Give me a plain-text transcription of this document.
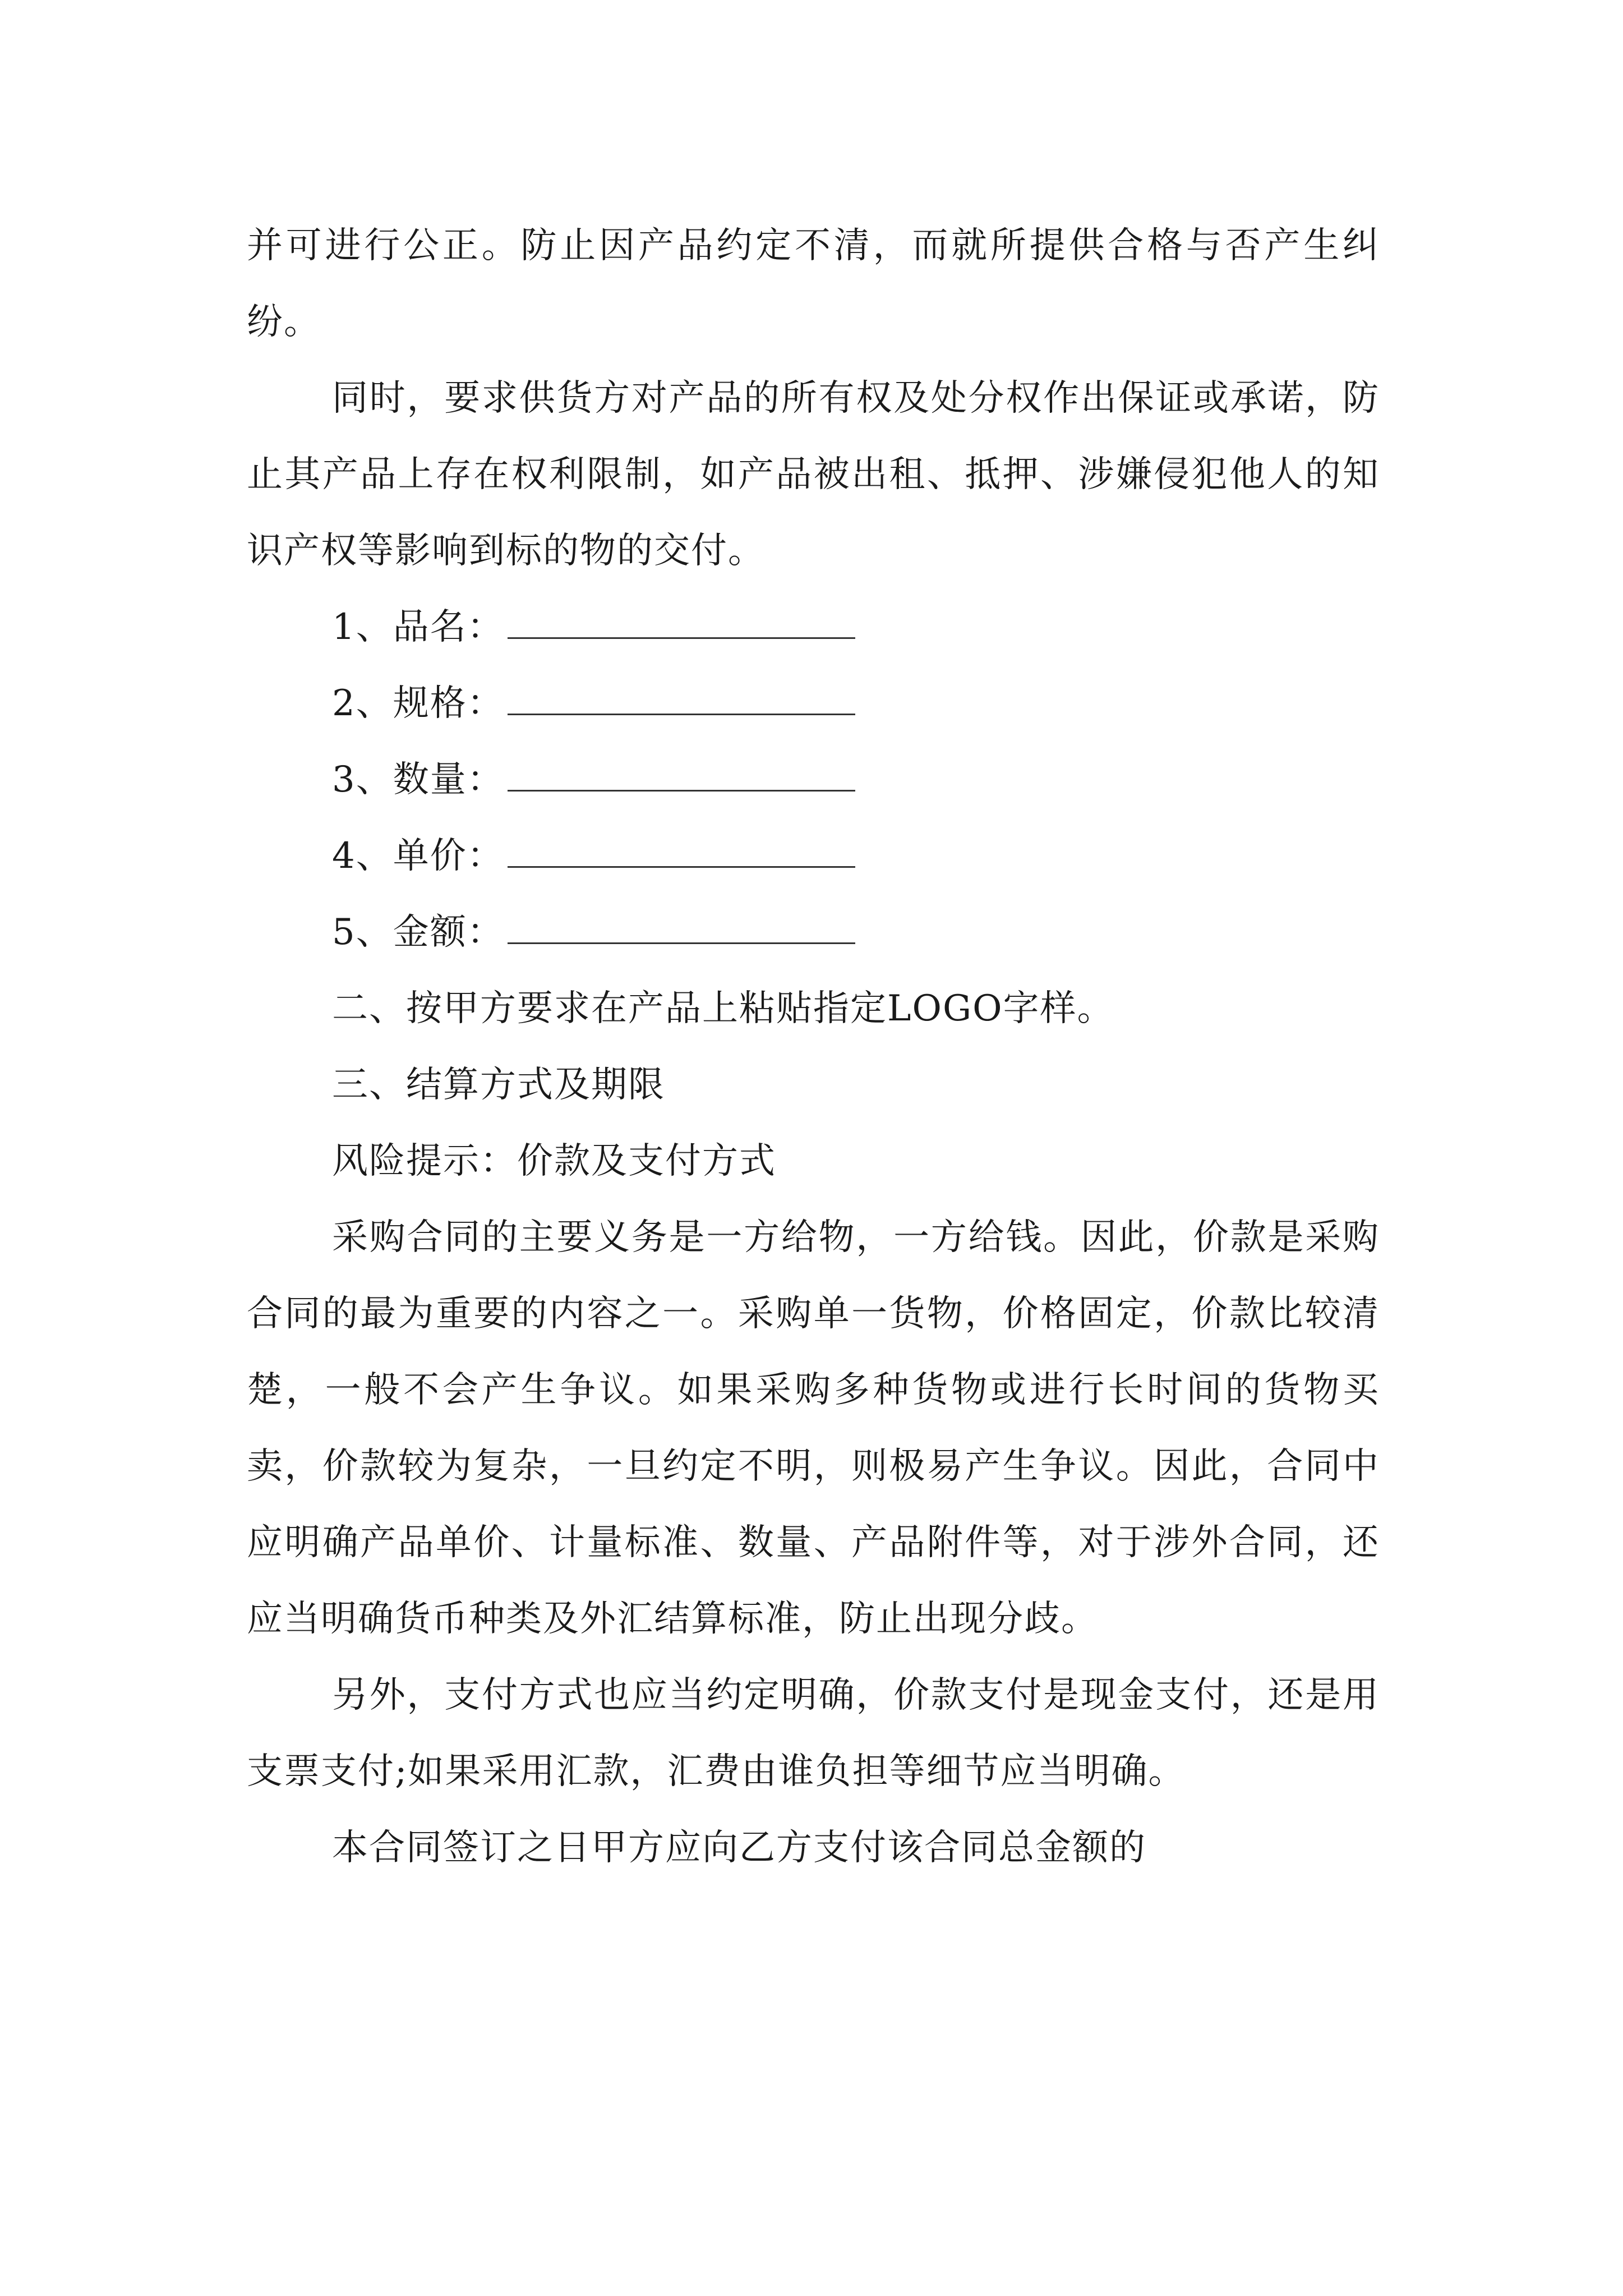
并可进行公正。防止因产品约定不清，而就所提供合格与否产生纠纷。

同时，要求供货方对产品的所有权及处分权作出保证或承诺，防止其产品上存在权利限制，如产品被出租、抵押、涉嫌侵犯他人的知识产权等影响到标的物的交付。

1、品名：
2、规格：
3、数量：
4、单价：
5、金额：

二、按甲方要求在产品上粘贴指定LOGO字样。

三、结算方式及期限

风险提示：价款及支付方式

采购合同的主要义务是一方给物，一方给钱。因此，价款是采购合同的最为重要的内容之一。采购单一货物，价格固定，价款比较清楚，一般不会产生争议。如果采购多种货物或进行长时间的货物买卖，价款较为复杂，一旦约定不明，则极易产生争议。因此，合同中应明确产品单价、计量标准、数量、产品附件等，对于涉外合同，还应当明确货币种类及外汇结算标准，防止出现分歧。

另外，支付方式也应当约定明确，价款支付是现金支付，还是用支票支付;如果采用汇款，汇费由谁负担等细节应当明确。

本合同签订之日甲方应向乙方支付该合同总金额的
